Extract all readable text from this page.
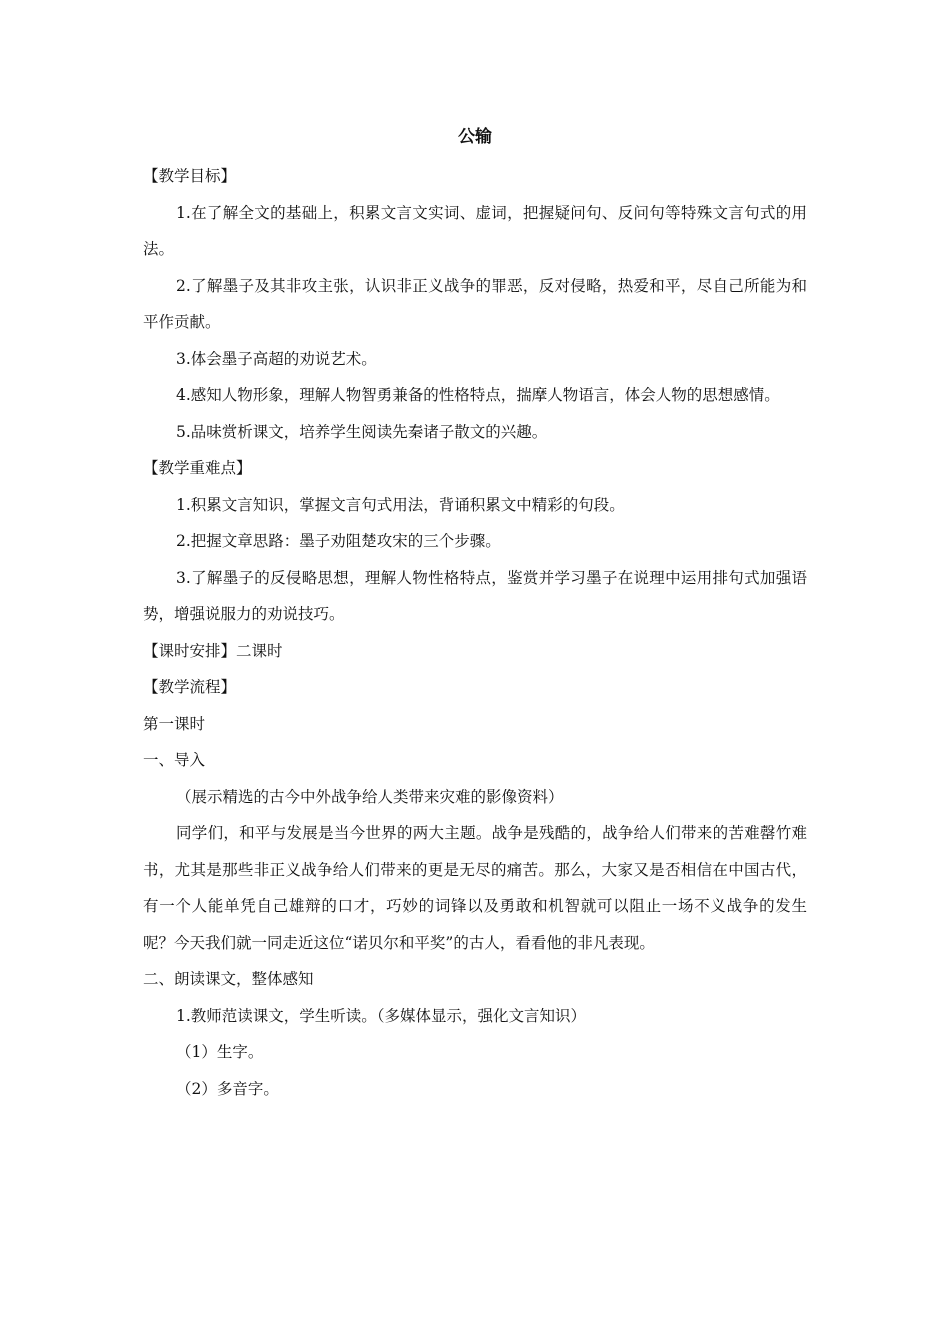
公输

【教学目标】

1.在了解全文的基础上，积累文言文实词、虚词，把握疑问句、反问句等特殊文言句式的用法。

2.了解墨子及其非攻主张，认识非正义战争的罪恶，反对侵略，热爱和平，尽自己所能为和平作贡献。

3.体会墨子高超的劝说艺术。

4.感知人物形象，理解人物智勇兼备的性格特点，揣摩人物语言，体会人物的思想感情。

5.品味赏析课文，培养学生阅读先秦诸子散文的兴趣。

【教学重难点】

1.积累文言知识，掌握文言句式用法，背诵积累文中精彩的句段。

2.把握文章思路：墨子劝阻楚攻宋的三个步骤。

3.了解墨子的反侵略思想，理解人物性格特点，鉴赏并学习墨子在说理中运用排句式加强语势，增强说服力的劝说技巧。

【课时安排】二课时

【教学流程】

第一课时

一、导入

（展示精选的古今中外战争给人类带来灾难的影像资料）

同学们，和平与发展是当今世界的两大主题。战争是残酷的，战争给人们带来的苦难罄竹难书，尤其是那些非正义战争给人们带来的更是无尽的痛苦。那么，大家又是否相信在中国古代，有一个人能单凭自己雄辩的口才，巧妙的词锋以及勇敢和机智就可以阻止一场不义战争的发生呢？今天我们就一同走近这位“诺贝尔和平奖”的古人，看看他的非凡表现。

二、朗读课文，整体感知

1.教师范读课文，学生听读。（多媒体显示，强化文言知识）

（1）生字。

（2）多音字。
